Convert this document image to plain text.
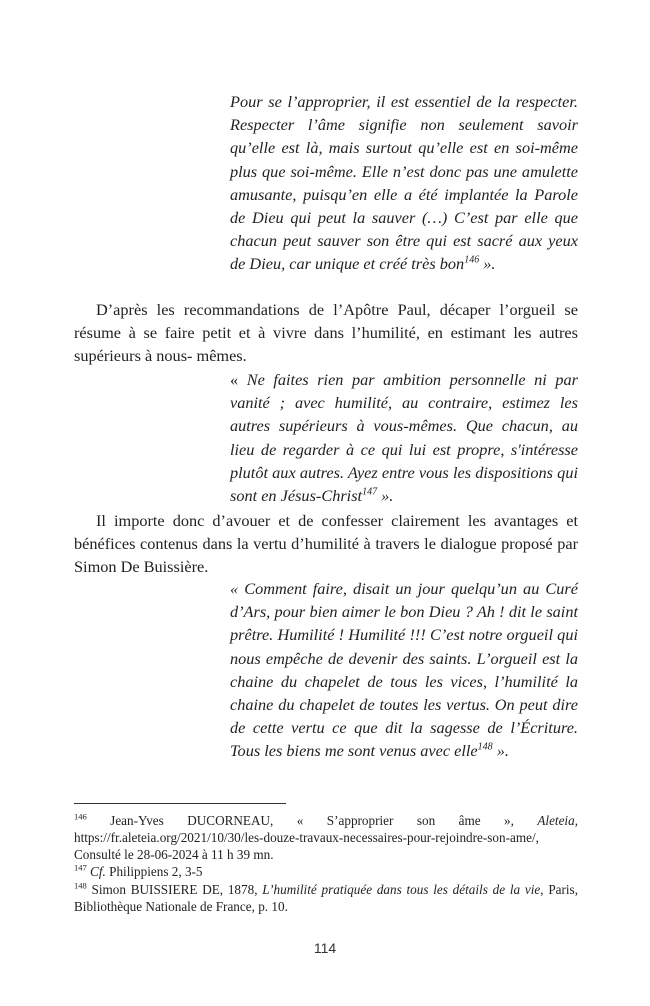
Pour se l’approprier, il est essentiel de la respecter. Respecter l’âme signifie non seulement savoir qu’elle est là, mais surtout qu’elle est en soi-même plus que soi-même. Elle n’est donc pas une amulette amusante, puisqu’en elle a été implantée la Parole de Dieu qui peut la sauver (…) C’est par elle que chacun peut sauver son être qui est sacré aux yeux de Dieu, car unique et créé très bon$^{146}$ ».
D’après les recommandations de l’Apôtre Paul, décaper l’orgueil se résume à se faire petit et à vivre dans l’humilité, en estimant les autres supérieurs à nous- mêmes.
« Ne faites rien par ambition personnelle ni par vanité ; avec humilité, au contraire, estimez les autres supérieurs à vous-mêmes. Que chacun, au lieu de regarder à ce qui lui est propre, s'intéresse plutôt aux autres. Ayez entre vous les dispositions qui sont en Jésus-Christ$^{147}$ ».
Il importe donc d’avouer et de confesser clairement les avantages et bénéfices contenus dans la vertu d’humilité à travers le dialogue proposé par Simon De Buissière.
« Comment faire, disait un jour quelqu’un au Curé d’Ars, pour bien aimer le bon Dieu ? Ah ! dit le saint prêtre. Humilité ! Humilité !!! C’est notre orgueil qui nous empêche de devenir des saints. L’orgueil est la chaine du chapelet de tous les vices, l’humilité la chaine du chapelet de toutes les vertus. On peut dire de cette vertu ce que dit la sagesse de l’Écriture. Tous les biens me sont venus avec elle$^{148}$ ».
$^{146}$ Jean-Yves DUCORNEAU, « S’approprier son âme », Aleteia, https://fr.aleteia.org/2021/10/30/les-douze-travaux-necessaires-pour-rejoindre-son-ame/, Consulté le 28-06-2024 à 11 h 39 mn.
$^{147}$ Cf. Philippiens 2, 3-5
$^{148}$ Simon BUISSIERE DE, 1878, L’humilité pratiquée dans tous les détails de la vie, Paris, Bibliothèque Nationale de France, p. 10.
114
